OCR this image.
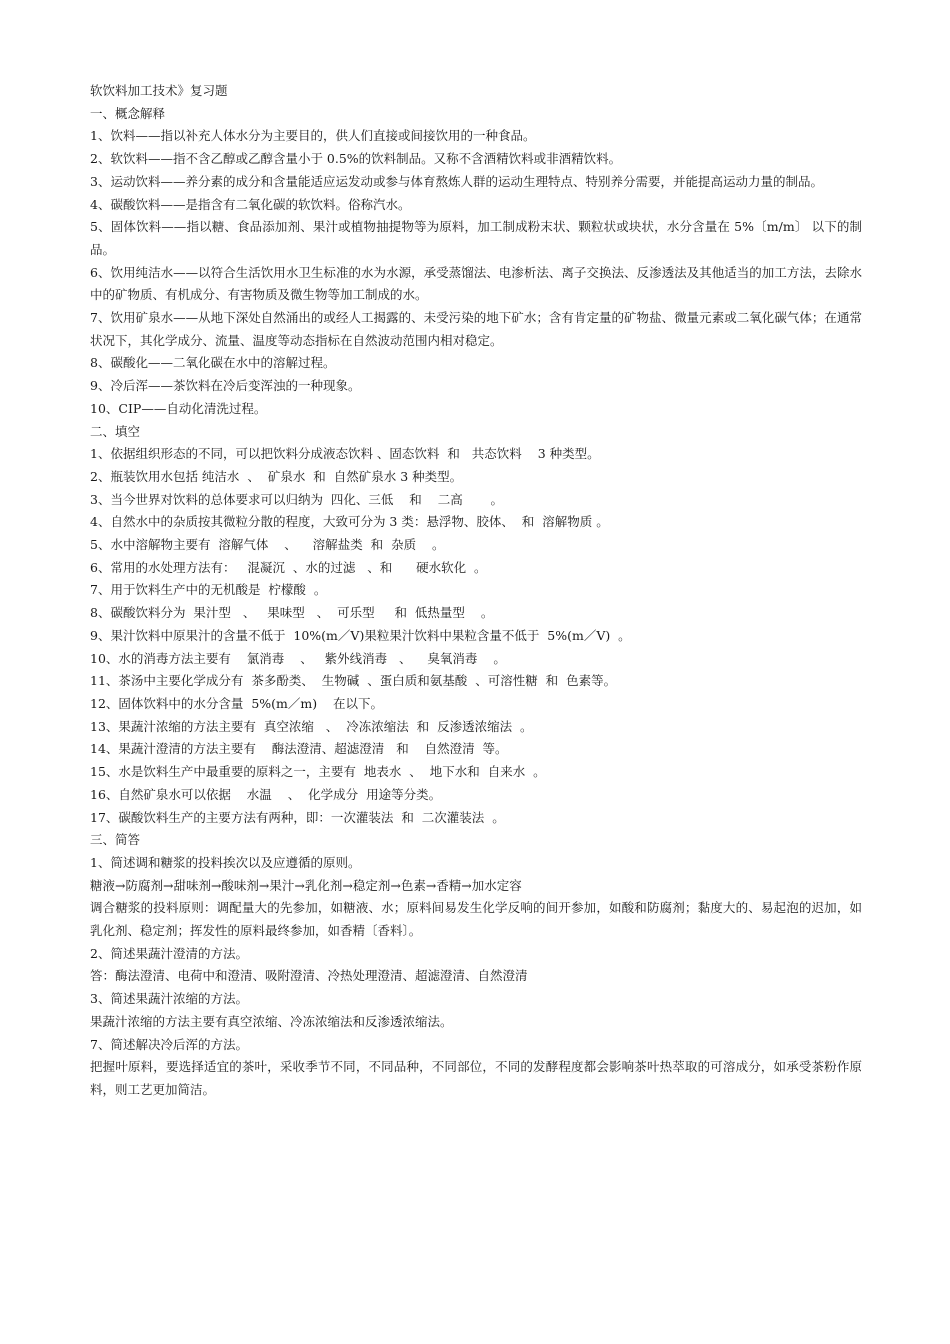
软饮料加工技术》复习题
一、概念解释
1、饮料——指以补充人体水分为主要目的，供人们直接或间接饮用的一种食品。
2、软饮料——指不含乙醇或乙醇含量小于 0.5%的饮料制品。又称不含酒精饮料或非酒精饮料。
3、运动饮料——养分素的成分和含量能适应运发动或参与体育熬炼人群的运动生理特点、特别养分需要，并能提高运动力量的制品。
4、碳酸饮料——是指含有二氧化碳的软饮料。俗称汽水。
5、固体饮料——指以糖、食品添加剂、果汁或植物抽提物等为原料，加工制成粉末状、颗粒状或块状，水分含量在 5%〔m/m〕 以下的制品。
6、饮用纯洁水——以符合生活饮用水卫生标准的水为水源，承受蒸馏法、电渗析法、离子交换法、反渗透法及其他适当的加工方法，去除水中的矿物质、有机成分、有害物质及微生物等加工制成的水。
7、饮用矿泉水——从地下深处自然涌出的或经人工揭露的、未受污染的地下矿水；含有肯定量的矿物盐、微量元素或二氧化碳气体；在通常状况下，其化学成分、流量、温度等动态指标在自然波动范围内相对稳定。
8、碳酸化——二氧化碳在水中的溶解过程。
9、冷后浑——茶饮料在冷后变浑浊的一种现象。
10、CIP——自动化清洗过程。
二、填空
1、依据组织形态的不同，可以把饮料分成液态饮料 、固态饮料  和   共态饮料    3 种类型。
2、瓶装饮用水包括 纯洁水  、  矿泉水  和  自然矿泉水 3 种类型。
3、当今世界对饮料的总体要求可以归纳为  四化、三低    和    二高       。
4、自然水中的杂质按其微粒分散的程度，大致可分为 3 类：悬浮物、胶体、  和  溶解物质 。
5、水中溶解物主要有  溶解气体    、    溶解盐类  和  杂质    。
6、常用的水处理方法有：   混凝沉  、水的过滤   、和      硬水软化  。
7、用于饮料生产中的无机酸是  柠檬酸  。
8、碳酸饮料分为  果汁型   、   果味型   、  可乐型     和  低热量型    。
9、果汁饮料中原果汁的含量不低于  10%(m／V)果粒果汁饮料中果粒含量不低于  5%(m／V)  。
10、水的消毒方法主要有    氯消毒    、   紫外线消毒   、    臭氧消毒    。
11、茶汤中主要化学成分有  茶多酚类、  生物碱  、蛋白质和氨基酸  、可溶性糖  和  色素等。
12、固体饮料中的水分含量  5%(m／m)    在以下。
13、果蔬汁浓缩的方法主要有  真空浓缩   、  冷冻浓缩法  和  反渗透浓缩法  。
14、果蔬汁澄清的方法主要有    酶法澄清、超滤澄清   和    自然澄清  等。
15、水是饮料生产中最重要的原料之一，主要有  地表水  、  地下水和  自来水  。
16、自然矿泉水可以依据    水温    、  化学成分  用途等分类。
17、碳酸饮料生产的主要方法有两种，即：一次灌装法  和  二次灌装法  。
三、简答
1、简述调和糖浆的投料挨次以及应遵循的原则。
糖液→防腐剂→甜味剂→酸味剂→果汁→乳化剂→稳定剂→色素→香精→加水定容
调合糖浆的投料原则：调配量大的先参加，如糖液、水；原料间易发生化学反响的间开参加，如酸和防腐剂；黏度大的、易起泡的迟加，如乳化剂、稳定剂；挥发性的原料最终参加，如香精〔香料〕。
2、简述果蔬汁澄清的方法。
答：酶法澄清、电荷中和澄清、吸附澄清、冷热处理澄清、超滤澄清、自然澄清
3、简述果蔬汁浓缩的方法。
果蔬汁浓缩的方法主要有真空浓缩、冷冻浓缩法和反渗透浓缩法。
7、简述解决冷后浑的方法。
把握叶原料，要选择适宜的茶叶，采收季节不同，不同品种，不同部位，不同的发酵程度都会影响茶叶热萃取的可溶成分，如承受茶粉作原料，则工艺更加简洁。
